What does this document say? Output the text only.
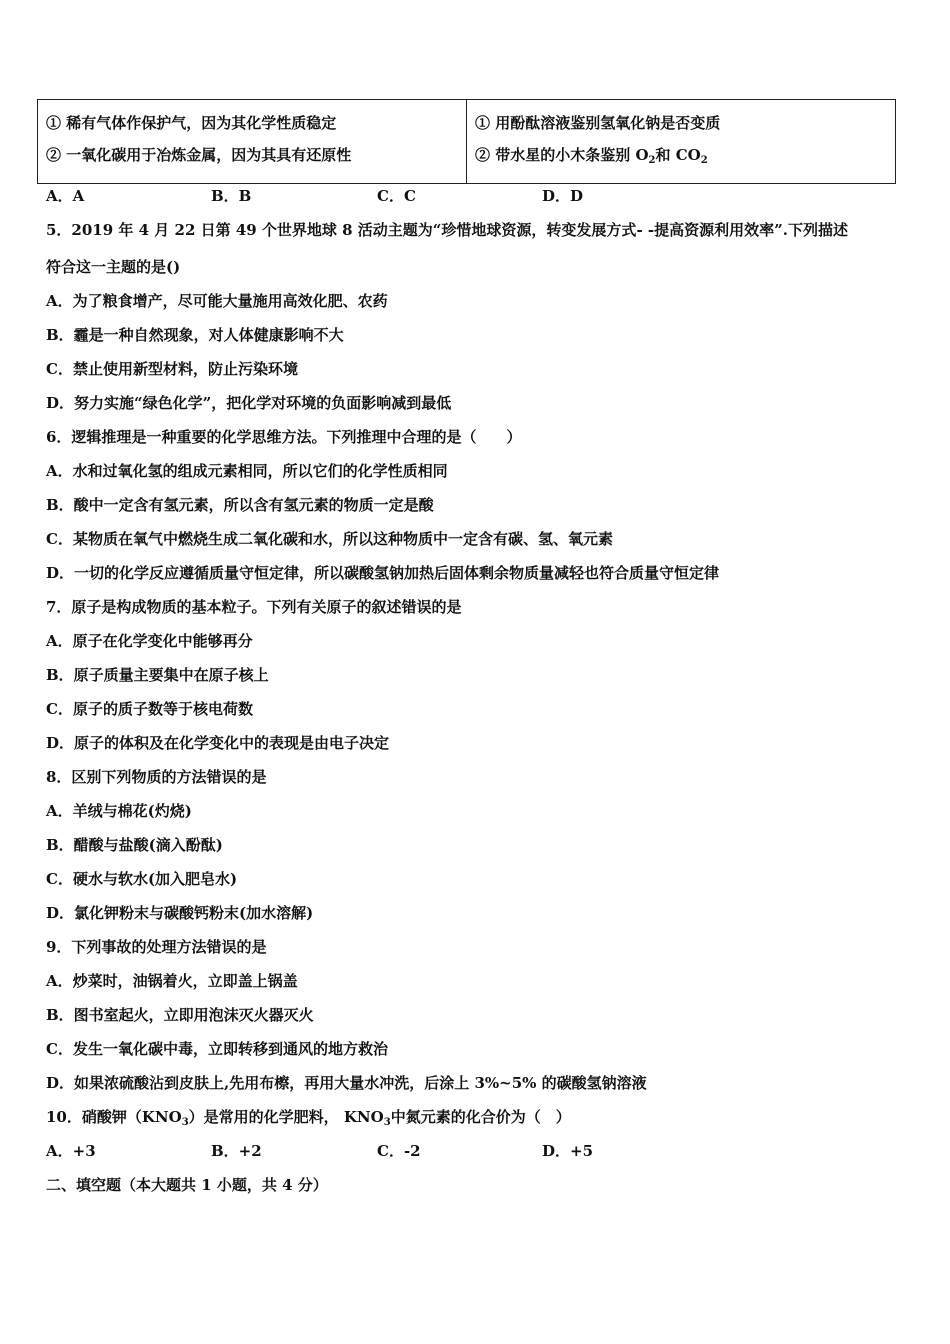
① 稀有气体作保护气，因为其化学性质稳定
② 一氧化碳用于冶炼金属，因为其具有还原性

① 用酚酞溶液鉴别氢氧化钠是否变质
② 带水星的小木条鉴别 $O_2$和 $CO_2$
A．A	B．B	C．C	D．D
5．2019 年 4 月 22 日第 49 个世界地球 8 活动主题为“珍惜地球资源，转变发展方式- -提高资源利用效率”.下列描述
符合这一主题的是()
A．为了粮食增产，尽可能大量施用高效化肥、农药
B．霾是一种自然现象，对人体健康影响不大
C．禁止使用新型材料，防止污染环境
D．努力实施“绿色化学”，把化学对环境的负面影响减到最低
6．逻辑推理是一种重要的化学思维方法。下列推理中合理的是（　　）
A．水和过氧化氢的组成元素相同，所以它们的化学性质相同
B．酸中一定含有氢元素，所以含有氢元素的物质一定是酸
C．某物质在氧气中燃烧生成二氧化碳和水，所以这种物质中一定含有碳、氢、氧元素
D．一切的化学反应遵循质量守恒定律，所以碳酸氢钠加热后固体剩余物质量减轻也符合质量守恒定律
7．原子是构成物质的基本粒子。下列有关原子的叙述错误的是
A．原子在化学变化中能够再分
B．原子质量主要集中在原子核上
C．原子的质子数等于核电荷数
D．原子的体积及在化学变化中的表现是由电子决定
8．区别下列物质的方法错误的是
A．羊绒与棉花(灼烧)
B．醋酸与盐酸(滴入酚酞)
C．硬水与软水(加入肥皂水)
D．氯化钾粉末与碳酸钙粉末(加水溶解)
9．下列事故的处理方法错误的是
A．炒菜时，油锅着火，立即盖上锅盖
B．图书室起火，立即用泡沫灭火器灭火
C．发生一氧化碳中毒，立即转移到通风的地方救治
D．如果浓硫酸沾到皮肤上,先用布檫，再用大量水冲洗，后涂上 3%~5% 的碳酸氢钠溶液
10．硝酸钾$(KNO_3)$是常用的化学肥料， $KNO_3$中氮元素的化合价为（　）
A．+3	B．+2	C．-2	D．+5
二、填空题（本大题共 1 小题，共 4 分）
